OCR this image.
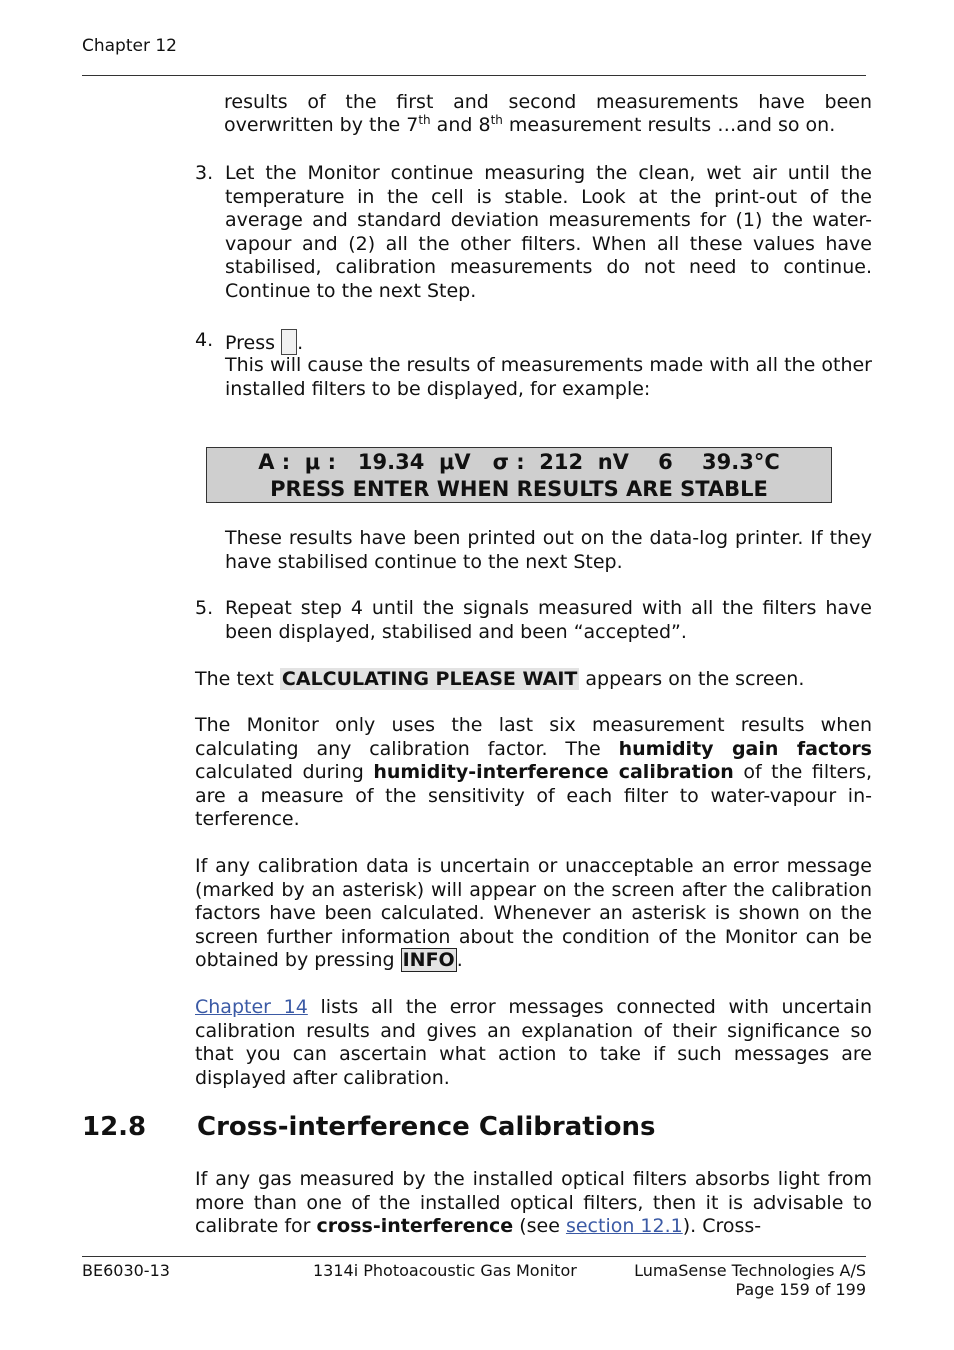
Chapter 12
results of the first and second measurements have been
overwritten by the 7th and 8th measurement results …and so on.
3. Let the Monitor continue measuring the clean, wet air until the temperature in the cell is stable. Look at the print-out of the average and standard deviation measurements for (1) the water-vapour and (2) all the other filters. When all these values have stabilised, calibration measurements do not need to continue. Continue to the next Step.
4. Press .
This will cause the results of measurements made with all the other installed filters to be displayed, for example:
A :  μ :   19.34  μV   σ :  212  nV    6    39.3°C
PRESS ENTER WHEN RESULTS ARE STABLE
These results have been printed out on the data-log printer. If they have stabilised continue to the next Step.
5. Repeat step 4 until the signals measured with all the filters have been displayed, stabilised and been “accepted”.
The text CALCULATING PLEASE WAIT appears on the screen.
The Monitor only uses the last six measurement results when calculating any calibration factor. The humidity gain factors calculated during humidity-interference calibration of the filters, are a measure of the sensitivity of each filter to water-vapour in-terference.
If any calibration data is uncertain or unacceptable an error message (marked by an asterisk) will appear on the screen after the calibration factors have been calculated. Whenever an asterisk is shown on the screen further information about the condition of the Monitor can be obtained by pressing INFO .
Chapter 14 lists all the error messages connected with uncertain calibration results and gives an explanation of their significance so that you can ascertain what action to take if such messages are displayed after calibration.
12.8 Cross-interference Calibrations
If any gas measured by the installed optical filters absorbs light from more than one of the installed optical filters, then it is advisable to calibrate for cross-interference (see section 12.1). Cross-
BE6030-13	1314i Photoacoustic Gas Monitor	LumaSense Technologies A/S
Page 159 of 199
